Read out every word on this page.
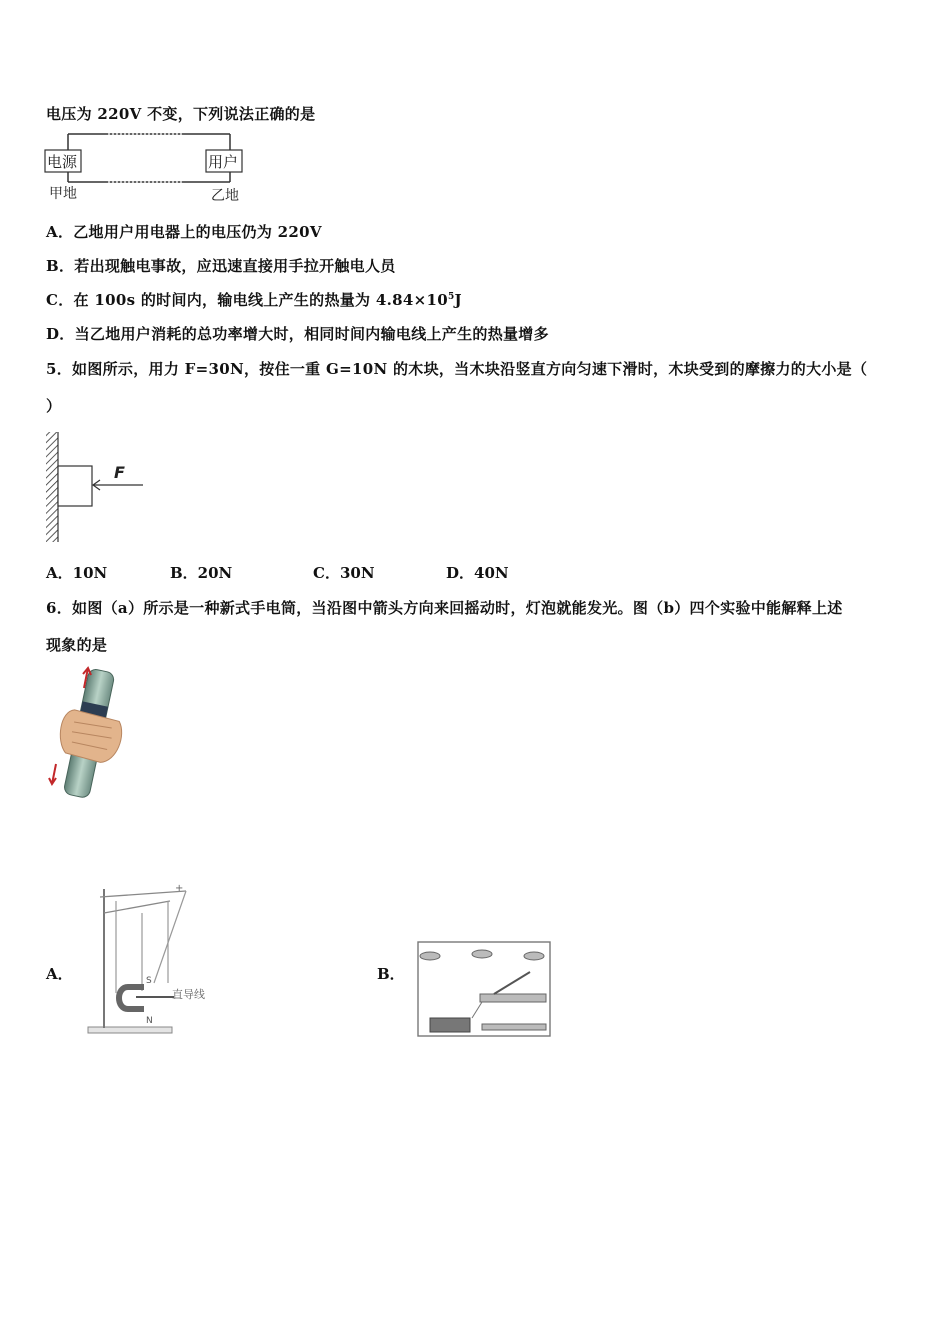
电压为 220V 不变，下列说法正确的是
电源	用户
甲地	乙地
A．乙地用户用电器上的电压仍为 220V
B．若出现触电事故，应迅速直接用手拉开触电人员
C．在 100s 的时间内，输电线上产生的热量为 $4.84\times 10^5J$
D．当乙地用户消耗的总功率增大时，相同时间内输电线上产生的热量增多
5．如图所示，用力 F=30N，按住一重 G=10N 的木块，当木块沿竖直方向匀速下滑时，木块受到的摩擦力的大小是（
）
F
A．10N	B．20N	C．30N	D．40N
6．如图（a）所示是一种新式手电筒，当沿图中箭头方向来回摇动时，灯泡就能发光。图（b）四个实验中能解释上述
现象的是
A．
+
S
N
直导线
B．
